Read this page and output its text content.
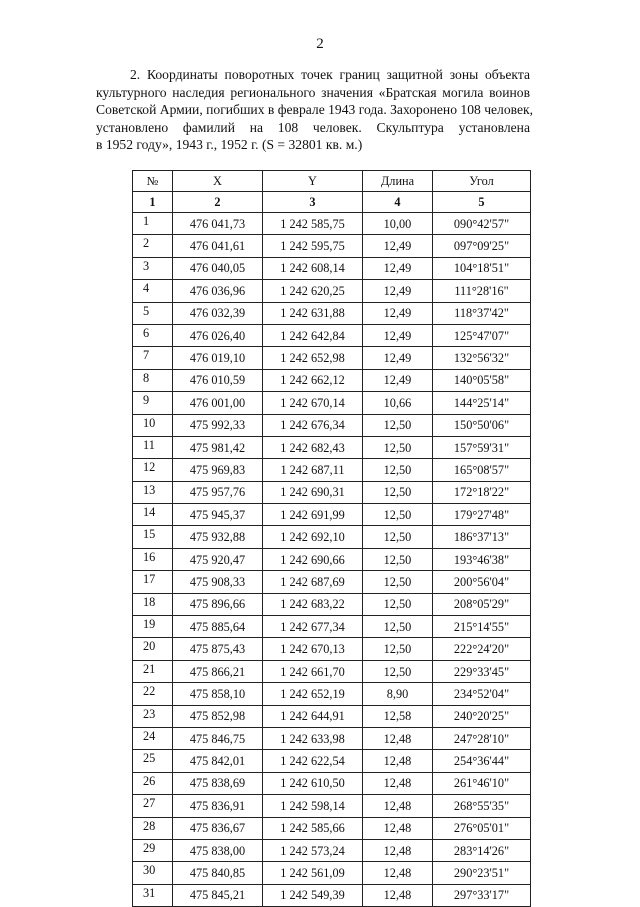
2

2. Координаты поворотных точек границ защитной зоны объекта
культурного наследия регионального значения «Братская могила воинов
Советской Армии, погибших в феврале 1943 года. Захоронено 108 человек,
установлено фамилий на 108 человек. Скульптура установлена
в 1952 году», 1943 г., 1952 г. (S = 32801 кв. м.)

№	X	Y	Длина	Угол
1	2	3	4	5
1	476 041,73	1 242 585,75	10,00	090°42'57"
2	476 041,61	1 242 595,75	12,49	097°09'25"
3	476 040,05	1 242 608,14	12,49	104°18'51"
4	476 036,96	1 242 620,25	12,49	111°28'16"
5	476 032,39	1 242 631,88	12,49	118°37'42"
6	476 026,40	1 242 642,84	12,49	125°47'07"
7	476 019,10	1 242 652,98	12,49	132°56'32"
8	476 010,59	1 242 662,12	12,49	140°05'58"
9	476 001,00	1 242 670,14	10,66	144°25'14"
10	475 992,33	1 242 676,34	12,50	150°50'06"
11	475 981,42	1 242 682,43	12,50	157°59'31"
12	475 969,83	1 242 687,11	12,50	165°08'57"
13	475 957,76	1 242 690,31	12,50	172°18'22"
14	475 945,37	1 242 691,99	12,50	179°27'48"
15	475 932,88	1 242 692,10	12,50	186°37'13"
16	475 920,47	1 242 690,66	12,50	193°46'38"
17	475 908,33	1 242 687,69	12,50	200°56'04"
18	475 896,66	1 242 683,22	12,50	208°05'29"
19	475 885,64	1 242 677,34	12,50	215°14'55"
20	475 875,43	1 242 670,13	12,50	222°24'20"
21	475 866,21	1 242 661,70	12,50	229°33'45"
22	475 858,10	1 242 652,19	8,90	234°52'04"
23	475 852,98	1 242 644,91	12,58	240°20'25"
24	475 846,75	1 242 633,98	12,48	247°28'10"
25	475 842,01	1 242 622,54	12,48	254°36'44"
26	475 838,69	1 242 610,50	12,48	261°46'10"
27	475 836,91	1 242 598,14	12,48	268°55'35"
28	475 836,67	1 242 585,66	12,48	276°05'01"
29	475 838,00	1 242 573,24	12,48	283°14'26"
30	475 840,85	1 242 561,09	12,48	290°23'51"
31	475 845,21	1 242 549,39	12,48	297°33'17"
